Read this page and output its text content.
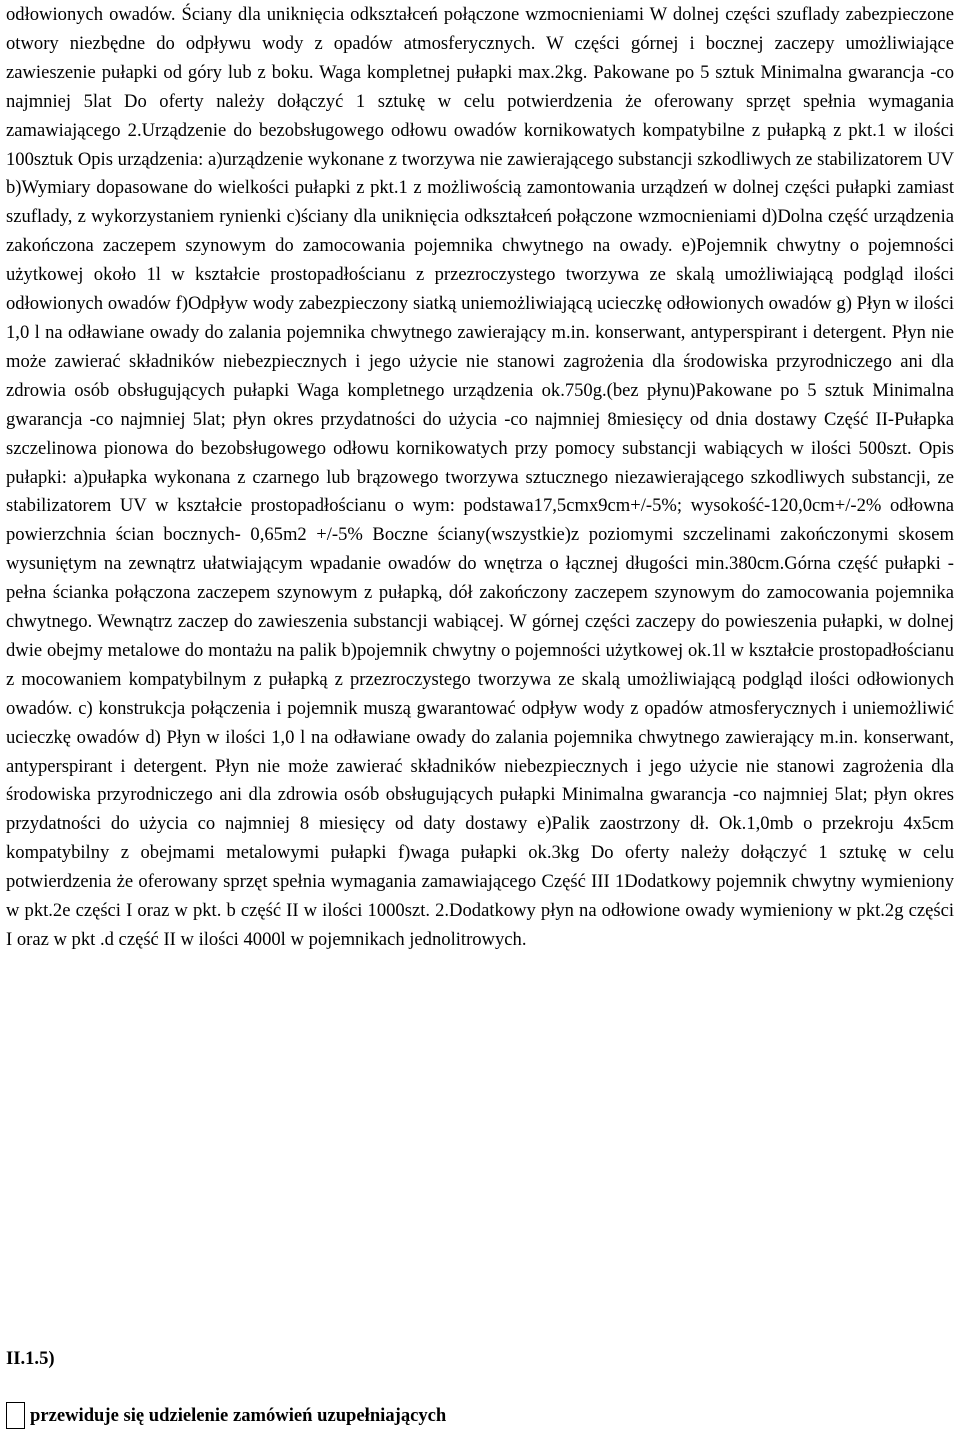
odłowionych owadów. Ściany dla uniknięcia odkształceń połączone wzmocnieniami W dolnej części szuflady zabezpieczone otwory niezbędne do odpływu wody z opadów atmosferycznych. W części górnej i bocznej zaczepy umożliwiające zawieszenie pułapki od góry lub z boku. Waga kompletnej pułapki max.2kg. Pakowane po 5 sztuk Minimalna gwarancja -co najmniej 5lat Do oferty należy dołączyć 1 sztukę w celu potwierdzenia że oferowany sprzęt spełnia wymagania zamawiającego 2.Urządzenie do bezobsługowego odłowu owadów kornikowatych kompatybilne z pułapką z pkt.1 w ilości 100sztuk Opis urządzenia: a)urządzenie wykonane z tworzywa nie zawierającego substancji szkodliwych ze stabilizatorem UV b)Wymiary dopasowane do wielkości pułapki z pkt.1 z możliwością zamontowania urządzeń w dolnej części pułapki zamiast szuflady, z wykorzystaniem rynienki c)ściany dla uniknięcia odkształceń połączone wzmocnieniami d)Dolna część urządzenia zakończona zaczepem szynowym do zamocowania pojemnika chwytnego na owady. e)Pojemnik chwytny o pojemności użytkowej około 1l w kształcie prostopadłościanu z przezroczystego tworzywa ze skalą umożliwiającą podgląd ilości odłowionych owadów f)Odpływ wody zabezpieczony siatką uniemożliwiającą ucieczkę odłowionych owadów g) Płyn w ilości 1,0 l na odławiane owady do zalania pojemnika chwytnego zawierający m.in. konserwant, antyperspirant i detergent. Płyn nie może zawierać składników niebezpiecznych i jego użycie nie stanowi zagrożenia dla środowiska przyrodniczego ani dla zdrowia osób obsługujących pułapki Waga kompletnego urządzenia ok.750g.(bez płynu)Pakowane po 5 sztuk Minimalna gwarancja -co najmniej 5lat; płyn okres przydatności do użycia -co najmniej 8miesięcy od dnia dostawy Część II-Pułapka szczelinowa pionowa do bezobsługowego odłowu kornikowatych przy pomocy substancji wabiących w ilości 500szt. Opis pułapki: a)pułapka wykonana z czarnego lub brązowego tworzywa sztucznego niezawierającego szkodliwych substancji, ze stabilizatorem UV w kształcie prostopadłościanu o wym: podstawa17,5cmx9cm+/-5%; wysokość-120,0cm+/-2% odłowna powierzchnia ścian bocznych- 0,65m2 +/-5% Boczne ściany(wszystkie)z poziomymi szczelinami zakończonymi skosem wysuniętym na zewnątrz ułatwiającym wpadanie owadów do wnętrza o łącznej długości min.380cm.Górna część pułapki - pełna ścianka połączona zaczepem szynowym z pułapką, dół zakończony zaczepem szynowym do zamocowania pojemnika chwytnego. Wewnątrz zaczep do zawieszenia substancji wabiącej. W górnej części zaczepy do powieszenia pułapki, w dolnej dwie obejmy metalowe do montażu na palik b)pojemnik chwytny o pojemności użytkowej ok.1l w kształcie prostopadłościanu z mocowaniem kompatybilnym z pułapką z przezroczystego tworzywa ze skalą umożliwiającą podgląd ilości odłowionych owadów. c) konstrukcja połączenia i pojemnik muszą gwarantować odpływ wody z opadów atmosferycznych i uniemożliwić ucieczkę owadów d) Płyn w ilości 1,0 l na odławiane owady do zalania pojemnika chwytnego zawierający m.in. konserwant, antyperspirant i detergent. Płyn nie może zawierać składników niebezpiecznych i jego użycie nie stanowi zagrożenia dla środowiska przyrodniczego ani dla zdrowia osób obsługujących pułapki Minimalna gwarancja -co najmniej 5lat; płyn okres przydatności do użycia co najmniej 8 miesięcy od daty dostawy e)Palik zaostrzony dł. Ok.1,0mb o przekroju 4x5cm kompatybilny z obejmami metalowymi pułapki f)waga pułapki ok.3kg Do oferty należy dołączyć 1 sztukę w celu potwierdzenia że oferowany sprzęt spełnia wymagania zamawiającego Część III 1Dodatkowy pojemnik chwytny wymieniony w pkt.2e części I oraz w pkt. b część II w ilości 1000szt. 2.Dodatkowy płyn na odłowione owady wymieniony w pkt.2g części I oraz w pkt .d część II w ilości 4000l w pojemnikach jednolitrowych.

II.1.5)
przewiduje się udzielenie zamówień uzupełniających
